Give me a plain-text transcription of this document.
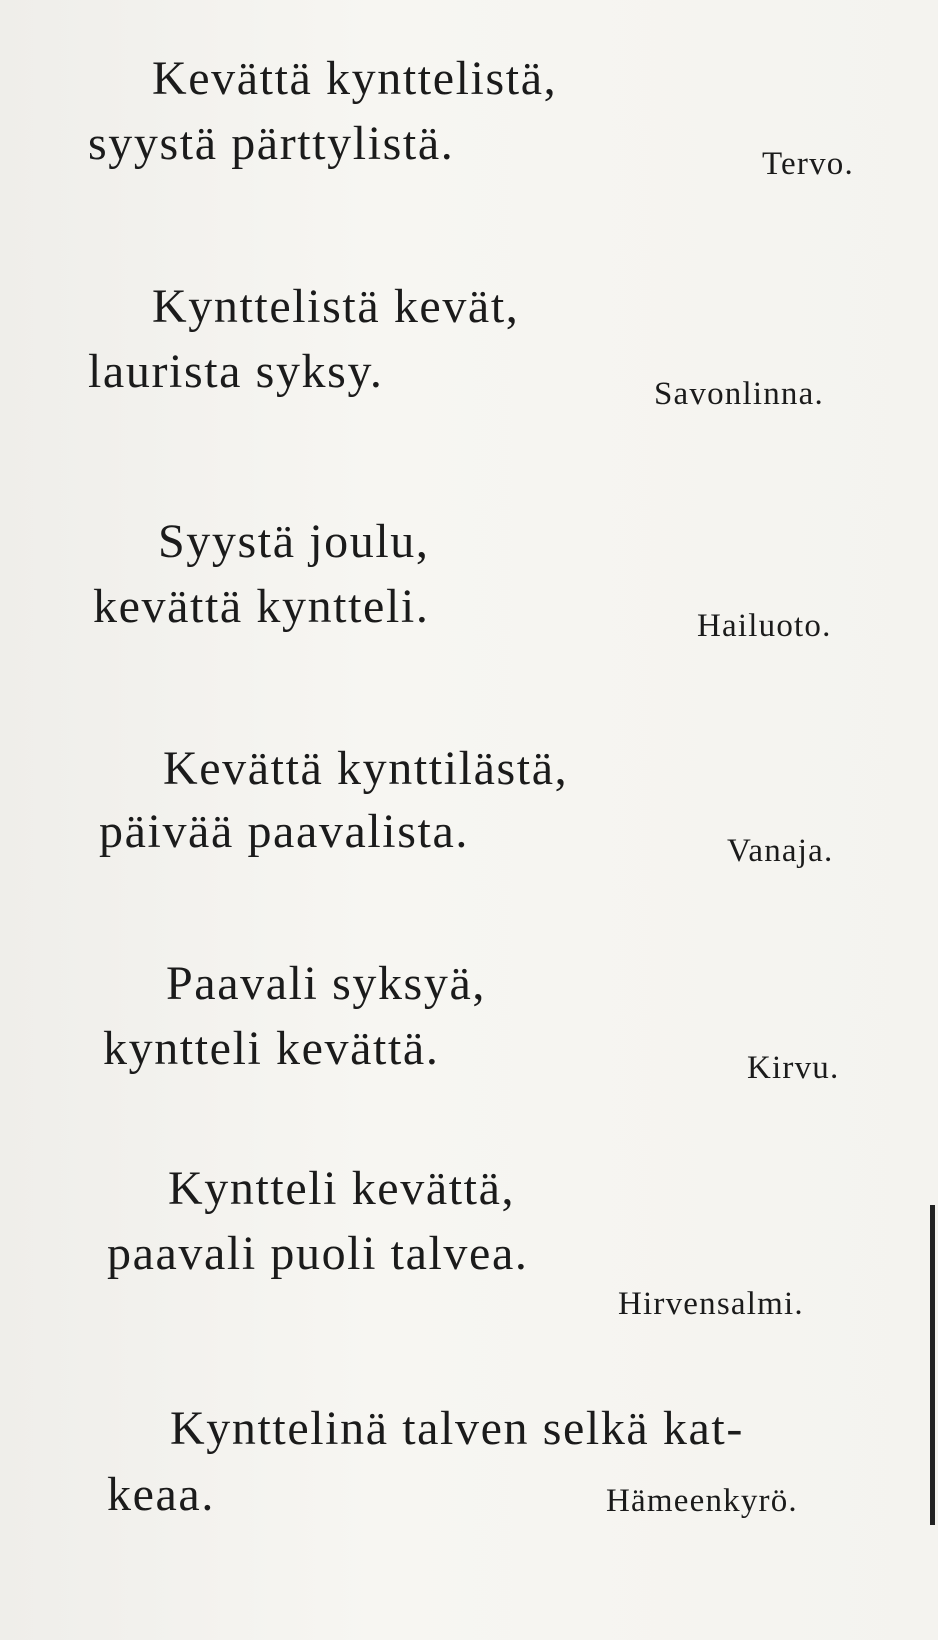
Kevättä kynttelistä,
syystä pärttylistä.	Tervo.
Kynttelistä kevät,
laurista syksy.	Savonlinna.
Syystä joulu,
kevättä kyntteli.	Hailuoto.
Kevättä kynttilästä,
päivää paavalista.	Vanaja.
Paavali syksyä,
kyntteli kevättä.	Kirvu.
Kyntteli kevättä,
paavali puoli talvea.
Hirvensalmi.
Kynttelinä talven selkä kat-
keaa.	Hämeenkyrö.
